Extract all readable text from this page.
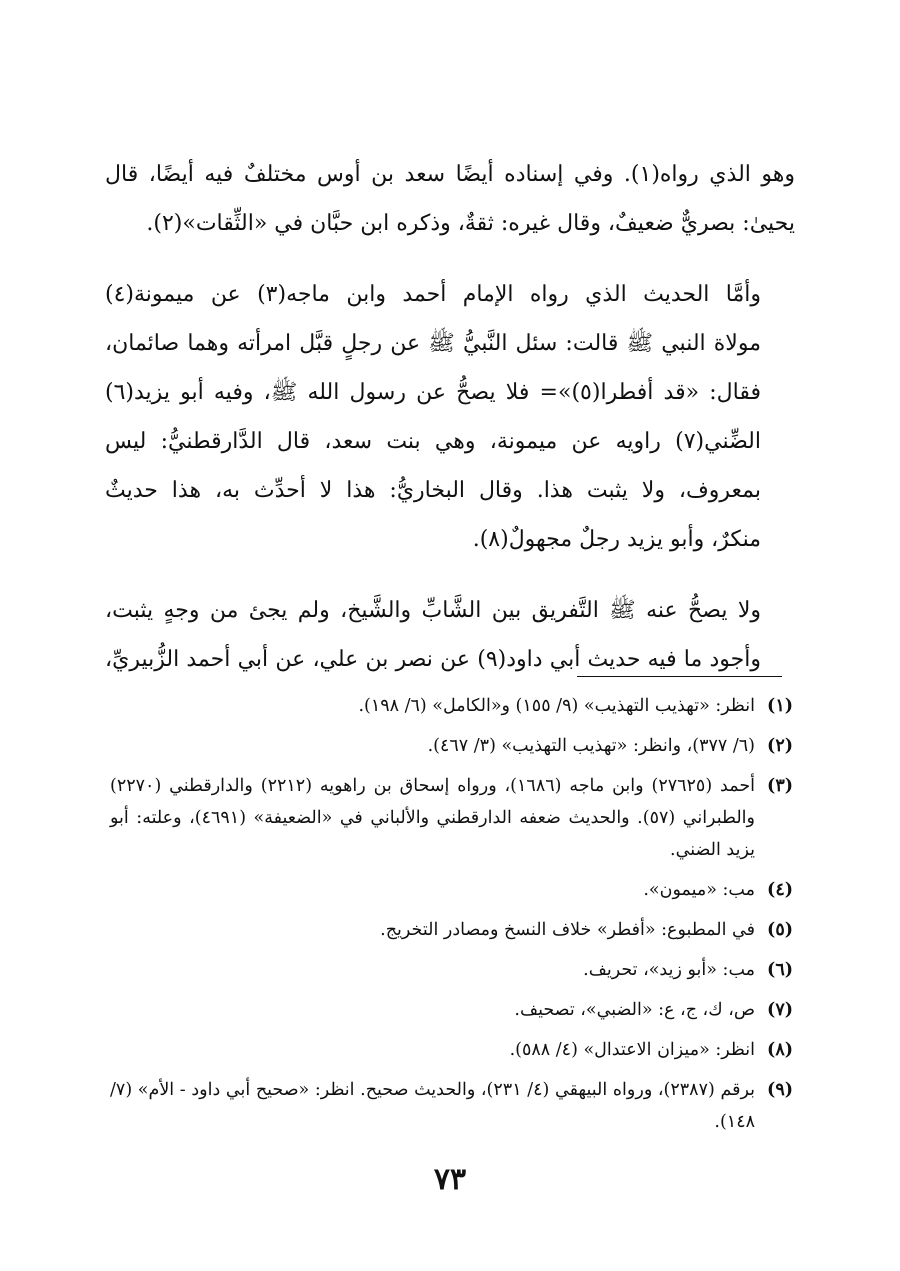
وهو الذي رواه(١). وفي إسناده أيضًا سعد بن أوس مختلفٌ فيه أيضًا، قال
يحيىٰ: بصريٌّ ضعيفٌ، وقال غيره: ثقةٌ، وذكره ابن حبَّان في «الثِّقات»(٢).

وأمَّا الحديث الذي رواه الإمام أحمد وابن ماجه(٣) عن ميمونة(٤)
مولاة النبي ﷺ قالت: سئل النَّبيُّ ﷺ عن رجلٍ قبَّل امرأته وهما صائمان،
فقال: «قد أفطرا(٥)»= فلا يصحُّ عن رسول الله ﷺ، وفيه أبو يزيد(٦)
الضِّني(٧) راويه عن ميمونة، وهي بنت سعد، قال الدَّارقطنيُّ: ليس
بمعروف، ولا يثبت هذا. وقال البخاريُّ: هذا لا أحدِّث به، هذا حديثٌ
منكرٌ، وأبو يزيد رجلٌ مجهولٌ(٨).

ولا يصحُّ عنه ﷺ التَّفريق بين الشَّابِّ والشَّيخ، ولم يجئ من وجهٍ يثبت،
وأجود ما فيه حديث أبي داود(٩) عن نصر بن علي، عن أبي أحمد الزُّبيريِّ،

(١)
انظر: «تهذيب التهذيب» (٩/ ١٥٥) و«الكامل» (٦/ ١٩٨).
(٢)
(٦/ ٣٧٧)، وانظر: «تهذيب التهذيب» (٣/ ٤٦٧).
(٣)
أحمد (٢٧٦٢٥) وابن ماجه (١٦٨٦)، ورواه إسحاق بن راهويه (٢٢١٢) والدارقطني (٢٢٧٠) والطبراني (٥٧). والحديث ضعفه الدارقطني والألباني في «الضعيفة» (٤٦٩١)، وعلته: أبو يزيد الضني.
(٤)
مب: «ميمون».
(٥)
في المطبوع: «أفطر» خلاف النسخ ومصادر التخريج.
(٦)
مب: «أبو زيد»، تحريف.
(٧)
ص، ك، ج، ع: «الضبي»، تصحيف.
(٨)
انظر: «ميزان الاعتدال» (٤/ ٥٨٨).
(٩)
برقم (٢٣٨٧)، ورواه البيهقي (٤/ ٢٣١)، والحديث صحيح. انظر: «صحيح أبي داود - الأم» (٧/ ١٤٨).
٧٣
